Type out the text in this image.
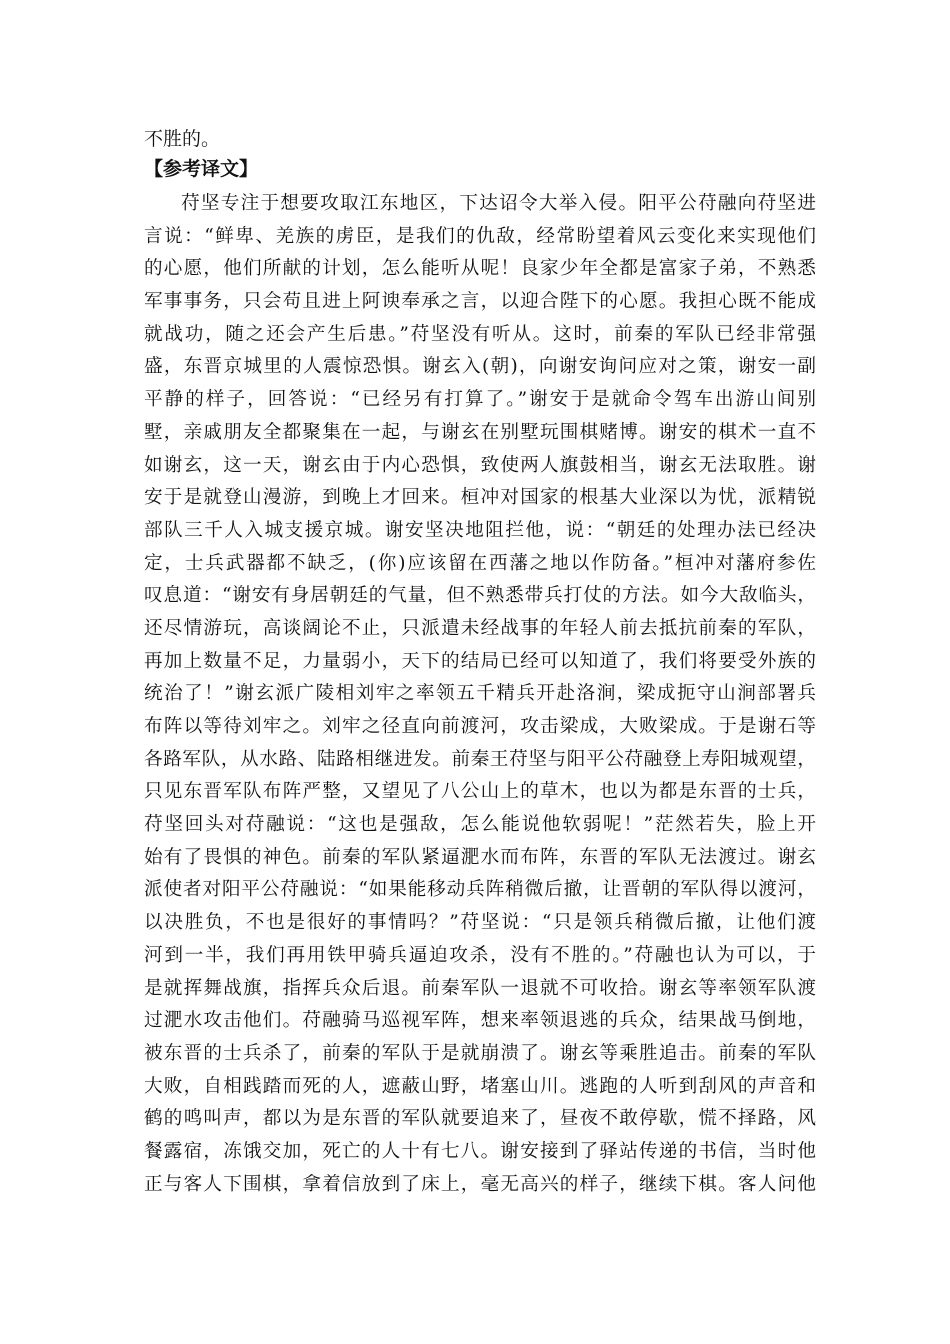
不胜的。

【参考译文】

苻坚专注于想要攻取江东地区，下达诏令大举入侵。阳平公苻融向苻坚进
言说：“鲜卑、羌族的虏臣，是我们的仇敌，经常盼望着风云变化来实现他们
的心愿，他们所献的计划，怎么能听从呢！良家少年全都是富家子弟，不熟悉
军事事务，只会苟且进上阿谀奉承之言，以迎合陛下的心愿。我担心既不能成
就战功，随之还会产生后患。”苻坚没有听从。这时，前秦的军队已经非常强
盛，东晋京城里的人震惊恐惧。谢玄入(朝)，向谢安询问应对之策，谢安一副
平静的样子，回答说：“已经另有打算了。”谢安于是就命令驾车出游山间别
墅，亲戚朋友全都聚集在一起，与谢玄在别墅玩围棋赌博。谢安的棋术一直不
如谢玄，这一天，谢玄由于内心恐惧，致使两人旗鼓相当，谢玄无法取胜。谢
安于是就登山漫游，到晚上才回来。桓冲对国家的根基大业深以为忧，派精锐
部队三千人入城支援京城。谢安坚决地阻拦他，说：“朝廷的处理办法已经决
定，士兵武器都不缺乏，(你)应该留在西藩之地以作防备。”桓冲对藩府参佐
叹息道：“谢安有身居朝廷的气量，但不熟悉带兵打仗的方法。如今大敌临头，
还尽情游玩，高谈阔论不止，只派遣未经战事的年轻人前去抵抗前秦的军队，
再加上数量不足，力量弱小，天下的结局已经可以知道了，我们将要受外族的
统治了！”谢玄派广陵相刘牢之率领五千精兵开赴洛涧，梁成扼守山涧部署兵
布阵以等待刘牢之。刘牢之径直向前渡河，攻击梁成，大败梁成。于是谢石等
各路军队，从水路、陆路相继进发。前秦王苻坚与阳平公苻融登上寿阳城观望，
只见东晋军队布阵严整，又望见了八公山上的草木，也以为都是东晋的士兵，
苻坚回头对苻融说：“这也是强敌，怎么能说他软弱呢！”茫然若失，脸上开
始有了畏惧的神色。前秦的军队紧逼淝水而布阵，东晋的军队无法渡过。谢玄
派使者对阳平公苻融说：“如果能移动兵阵稍微后撤，让晋朝的军队得以渡河，
以决胜负，不也是很好的事情吗？”苻坚说：“只是领兵稍微后撤，让他们渡
河到一半，我们再用铁甲骑兵逼迫攻杀，没有不胜的。”苻融也认为可以，于
是就挥舞战旗，指挥兵众后退。前秦军队一退就不可收拾。谢玄等率领军队渡
过淝水攻击他们。苻融骑马巡视军阵，想来率领退逃的兵众，结果战马倒地，
被东晋的士兵杀了，前秦的军队于是就崩溃了。谢玄等乘胜追击。前秦的军队
大败，自相践踏而死的人，遮蔽山野，堵塞山川。逃跑的人听到刮风的声音和
鹤的鸣叫声，都以为是东晋的军队就要追来了，昼夜不敢停歇，慌不择路，风
餐露宿，冻饿交加，死亡的人十有七八。谢安接到了驿站传递的书信，当时他
正与客人下围棋，拿着信放到了床上，毫无高兴的样子，继续下棋。客人问他
